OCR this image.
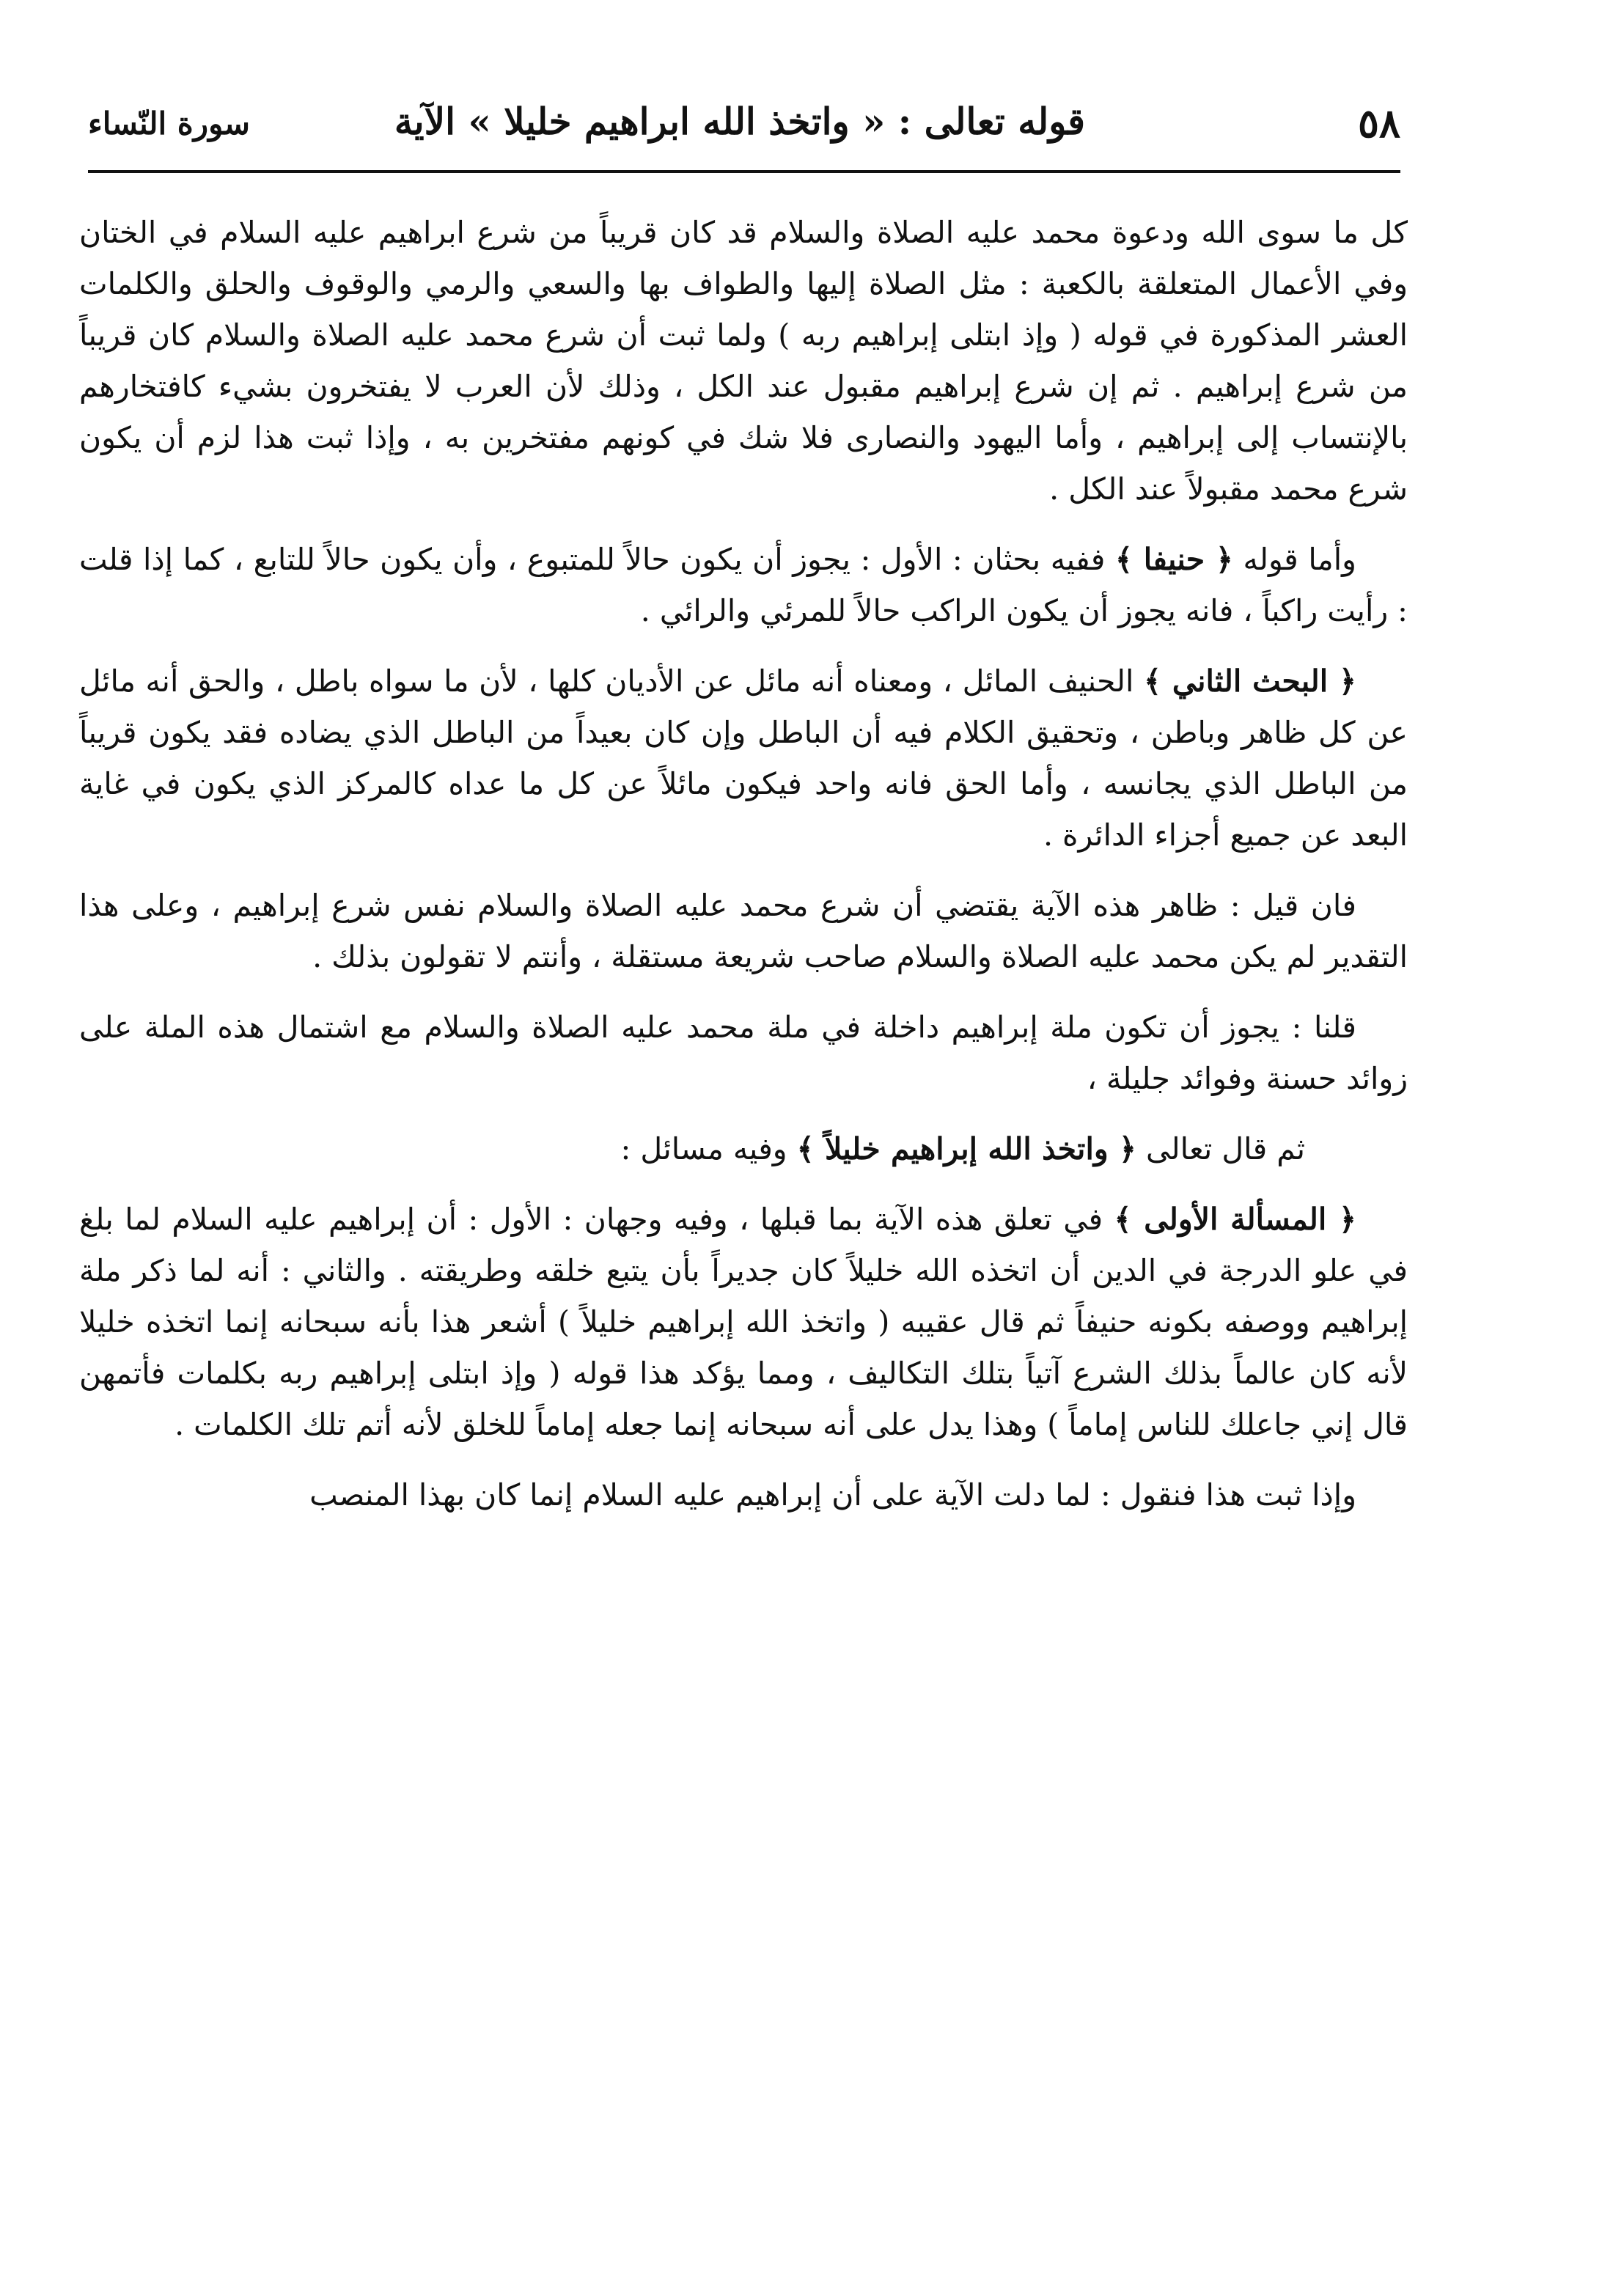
٥٨
قوله تعالى : « واتخذ الله ابراهيم خليلا » الآية
سورة النّساء

كل ما سوى الله ودعوة محمد عليه الصلاة والسلام قد كان قريباً من شرع ابراهيم عليه السلام في الختان وفي الأعمال المتعلقة بالكعبة : مثل الصلاة إليها والطواف بها والسعي والرمي والوقوف والحلق والكلمات العشر المذكورة في قوله ( وإذ ابتلى إبراهيم ربه ) ولما ثبت أن شرع محمد عليه الصلاة والسلام كان قريباً من شرع إبراهيم . ثم إن شرع إبراهيم مقبول عند الكل ، وذلك لأن العرب لا يفتخرون بشيء كافتخارهم بالإنتساب إلى إبراهيم ، وأما اليهود والنصارى فلا شك في كونهم مفتخرين به ، وإذا ثبت هذا لزم أن يكون شرع محمد مقبولاً عند الكل .

وأما قوله ﴿ حنيفا ﴾ ففيه بحثان : الأول : يجوز أن يكون حالاً للمتبوع ، وأن يكون حالاً للتابع ، كما إذا قلت : رأيت راكباً ، فانه يجوز أن يكون الراكب حالاً للمرئي والرائي .

﴿ البحث الثاني ﴾ الحنيف المائل ، ومعناه أنه مائل عن الأديان كلها ، لأن ما سواه باطل ، والحق أنه مائل عن كل ظاهر وباطن ، وتحقيق الكلام فيه أن الباطل وإن كان بعيداً من الباطل الذي يضاده فقد يكون قريباً من الباطل الذي يجانسه ، وأما الحق فانه واحد فيكون مائلاً عن كل ما عداه كالمركز الذي يكون في غاية البعد عن جميع أجزاء الدائرة .

فان قيل : ظاهر هذه الآية يقتضي أن شرع محمد عليه الصلاة والسلام نفس شرع إبراهيم ، وعلى هذا التقدير لم يكن محمد عليه الصلاة والسلام صاحب شريعة مستقلة ، وأنتم لا تقولون بذلك .

قلنا : يجوز أن تكون ملة إبراهيم داخلة في ملة محمد عليه الصلاة والسلام مع اشتمال هذه الملة على زوائد حسنة وفوائد جليلة ،

ثم قال تعالى ﴿ واتخذ الله إبراهيم خليلاً ﴾ وفيه مسائل :

﴿ المسألة الأولى ﴾ في تعلق هذه الآية بما قبلها ، وفيه وجهان : الأول : أن إبراهيم عليه السلام لما بلغ في علو الدرجة في الدين أن اتخذه الله خليلاً كان جديراً بأن يتبع خلقه وطريقته . والثاني : أنه لما ذكر ملة إبراهيم ووصفه بكونه حنيفاً ثم قال عقيبه ( واتخذ الله إبراهيم خليلاً ) أشعر هذا بأنه سبحانه إنما اتخذه خليلا لأنه كان عالماً بذلك الشرع آتياً بتلك التكاليف ، ومما يؤكد هذا قوله ( وإذ ابتلى إبراهيم ربه بكلمات فأتمهن قال إني جاعلك للناس إماماً ) وهذا يدل على أنه سبحانه إنما جعله إماماً للخلق لأنه أتم تلك الكلمات .

وإذا ثبت هذا فنقول : لما دلت الآية على أن إبراهيم عليه السلام إنما كان بهذا المنصب
